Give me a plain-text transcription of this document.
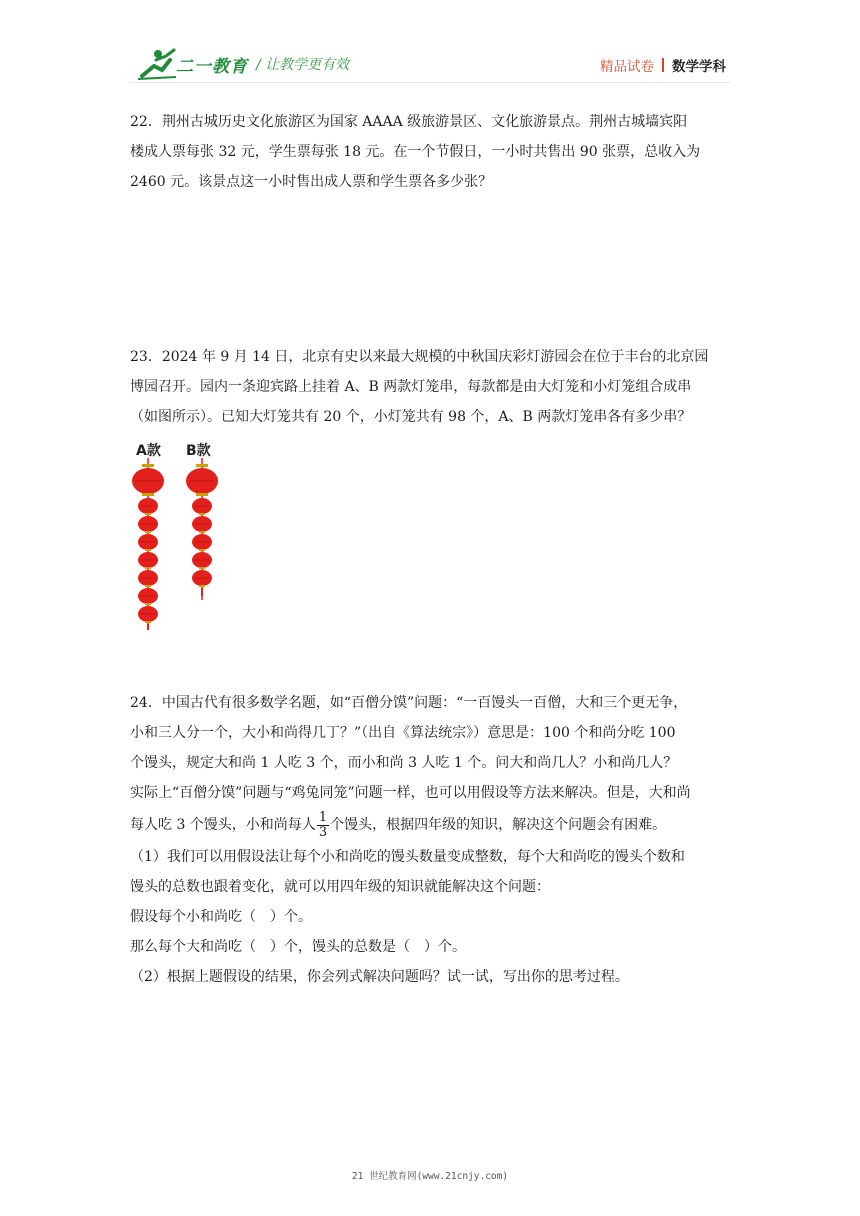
二一教育 / 让教学更有效	精品试卷 数学学科

22．荆州古城历史文化旅游区为国家 AAAA 级旅游景区、文化旅游景点。荆州古城墙宾阳

楼成人票每张 32 元，学生票每张 18 元。在一个节假日，一小时共售出 90 张票，总收入为

2460 元。该景点这一小时售出成人票和学生票各多少张？

23．2024 年 9 月 14 日，北京有史以来最大规模的中秋国庆彩灯游园会在位于丰台的北京园

博园召开。园内一条迎宾路上挂着 A、B 两款灯笼串，每款都是由大灯笼和小灯笼组合成串

（如图所示）。已知大灯笼共有 20 个，小灯笼共有 98 个，A、B 两款灯笼串各有多少串？

A款 B款

24．中国古代有很多数学名题，如“百僧分馍”问题：“一百馒头一百僧，大和三个更无争，

小和三人分一个，大小和尚得几丁？”（出自《算法统宗》）意思是：100 个和尚分吃 100

个馒头，规定大和尚 1 人吃 3 个，而小和尚 3 人吃 1 个。问大和尚几人？小和尚几人？

实际上“百僧分馍”问题与“鸡兔同笼”问题一样，也可以用假设等方法来解决。但是，大和尚

每人吃 3 个馒头，小和尚每人 $\frac{1}{3}$ 个馒头，根据四年级的知识，解决这个问题会有困难。

（1）我们可以用假设法让每个小和尚吃的馒头数量变成整数，每个大和尚吃的馒头个数和

馒头的总数也跟着变化，就可以用四年级的知识就能解决这个问题：

假设每个小和尚吃（　）个。

那么每个大和尚吃（　）个，馒头的总数是（　）个。

（2）根据上题假设的结果，你会列式解决问题吗？试一试，写出你的思考过程。

21 世纪教育网(www.21cnjy.com)
